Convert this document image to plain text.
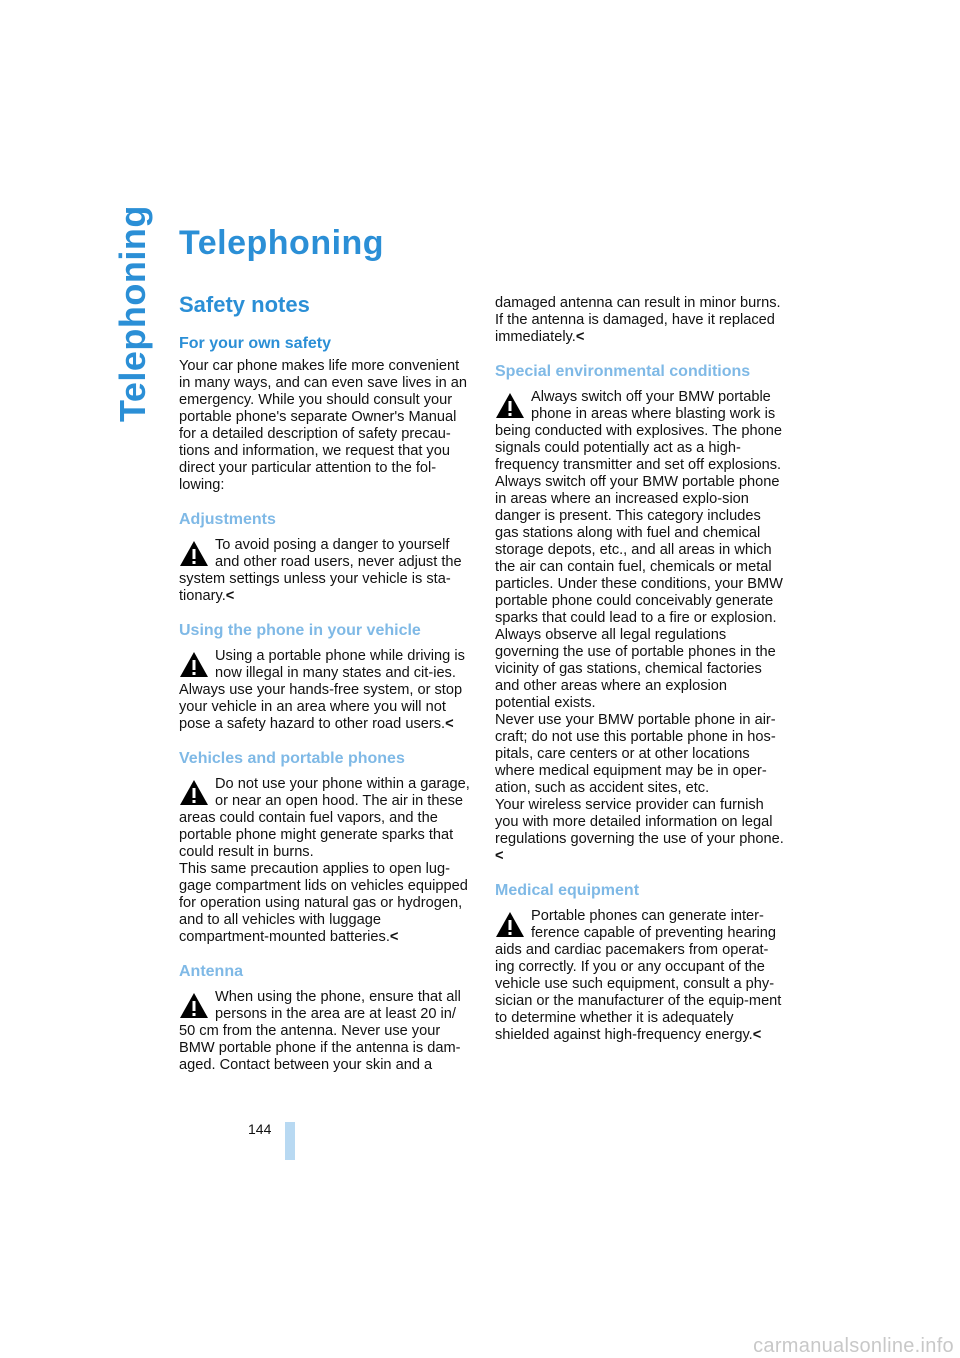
Telephoning Telephoning
Safety notes
For your own safety

Your car phone makes life more convenient in many ways, and can even save lives in an emergency. While you should consult your portable phone's separate Owner's Manual for a detailed description of safety precau-tions and information, we request that you direct your particular attention to the fol-lowing:

Adjustments
To avoid posing a danger to yourself and other road users, never adjust the system settings unless your vehicle is sta-tionary.<
Using the phone in your vehicle
Using a portable phone while driving is now illegal in many states and cit-ies. Always use your hands-free system, or stop your vehicle in an area where you will not pose a safety hazard to other road users.<
Vehicles and portable phones
Do not use your phone within a garage, or near an open hood. The air in these areas could contain fuel vapors, and the portable phone might generate sparks that could result in burns.

This same precaution applies to open lug-gage compartment lids on vehicles equipped for operation using natural gas or hydrogen, and to all vehicles with luggage compartment-mounted batteries.<

Antenna
When using the phone, ensure that all persons in the area are at least 20 in/ 50 cm from the antenna. Never use your BMW portable phone if the antenna is dam-aged. Contact between your skin and a

damaged antenna can result in minor burns.

If the antenna is damaged, have it replaced immediately.<

Special environmental conditions
Always switch off your BMW portable phone in areas where blasting work is being conducted with explosives. The phone signals could potentially act as a high-frequency transmitter and set off explosions.

Always switch off your BMW portable phone in areas where an increased explo-sion danger is present. This category includes gas stations along with fuel and chemical storage depots, etc., and all areas in which the air can contain fuel, chemicals or metal particles. Under these conditions, your BMW portable phone could conceivably generate sparks that could lead to a fire or explosion. Always observe all legal regulations governing the use of portable phones in the vicinity of gas stations, chemical factories and other areas where an explosion potential exists.

Never use your BMW portable phone in air-craft; do not use this portable phone in hos-pitals, care centers or at other locations where medical equipment may be in oper-ation, such as accident sites, etc.

Your wireless service provider can furnish you with more detailed information on legal regulations governing the use of your phone.<

Medical equipment
Portable phones can generate inter-ference capable of preventing hearing aids and cardiac pacemakers from operat-ing correctly. If you or any occupant of the vehicle use such equipment, consult a phy-sician or the manufacturer of the equip-ment to determine whether it is adequately shielded against high-frequency energy.<
144
carmanualsonline.info
